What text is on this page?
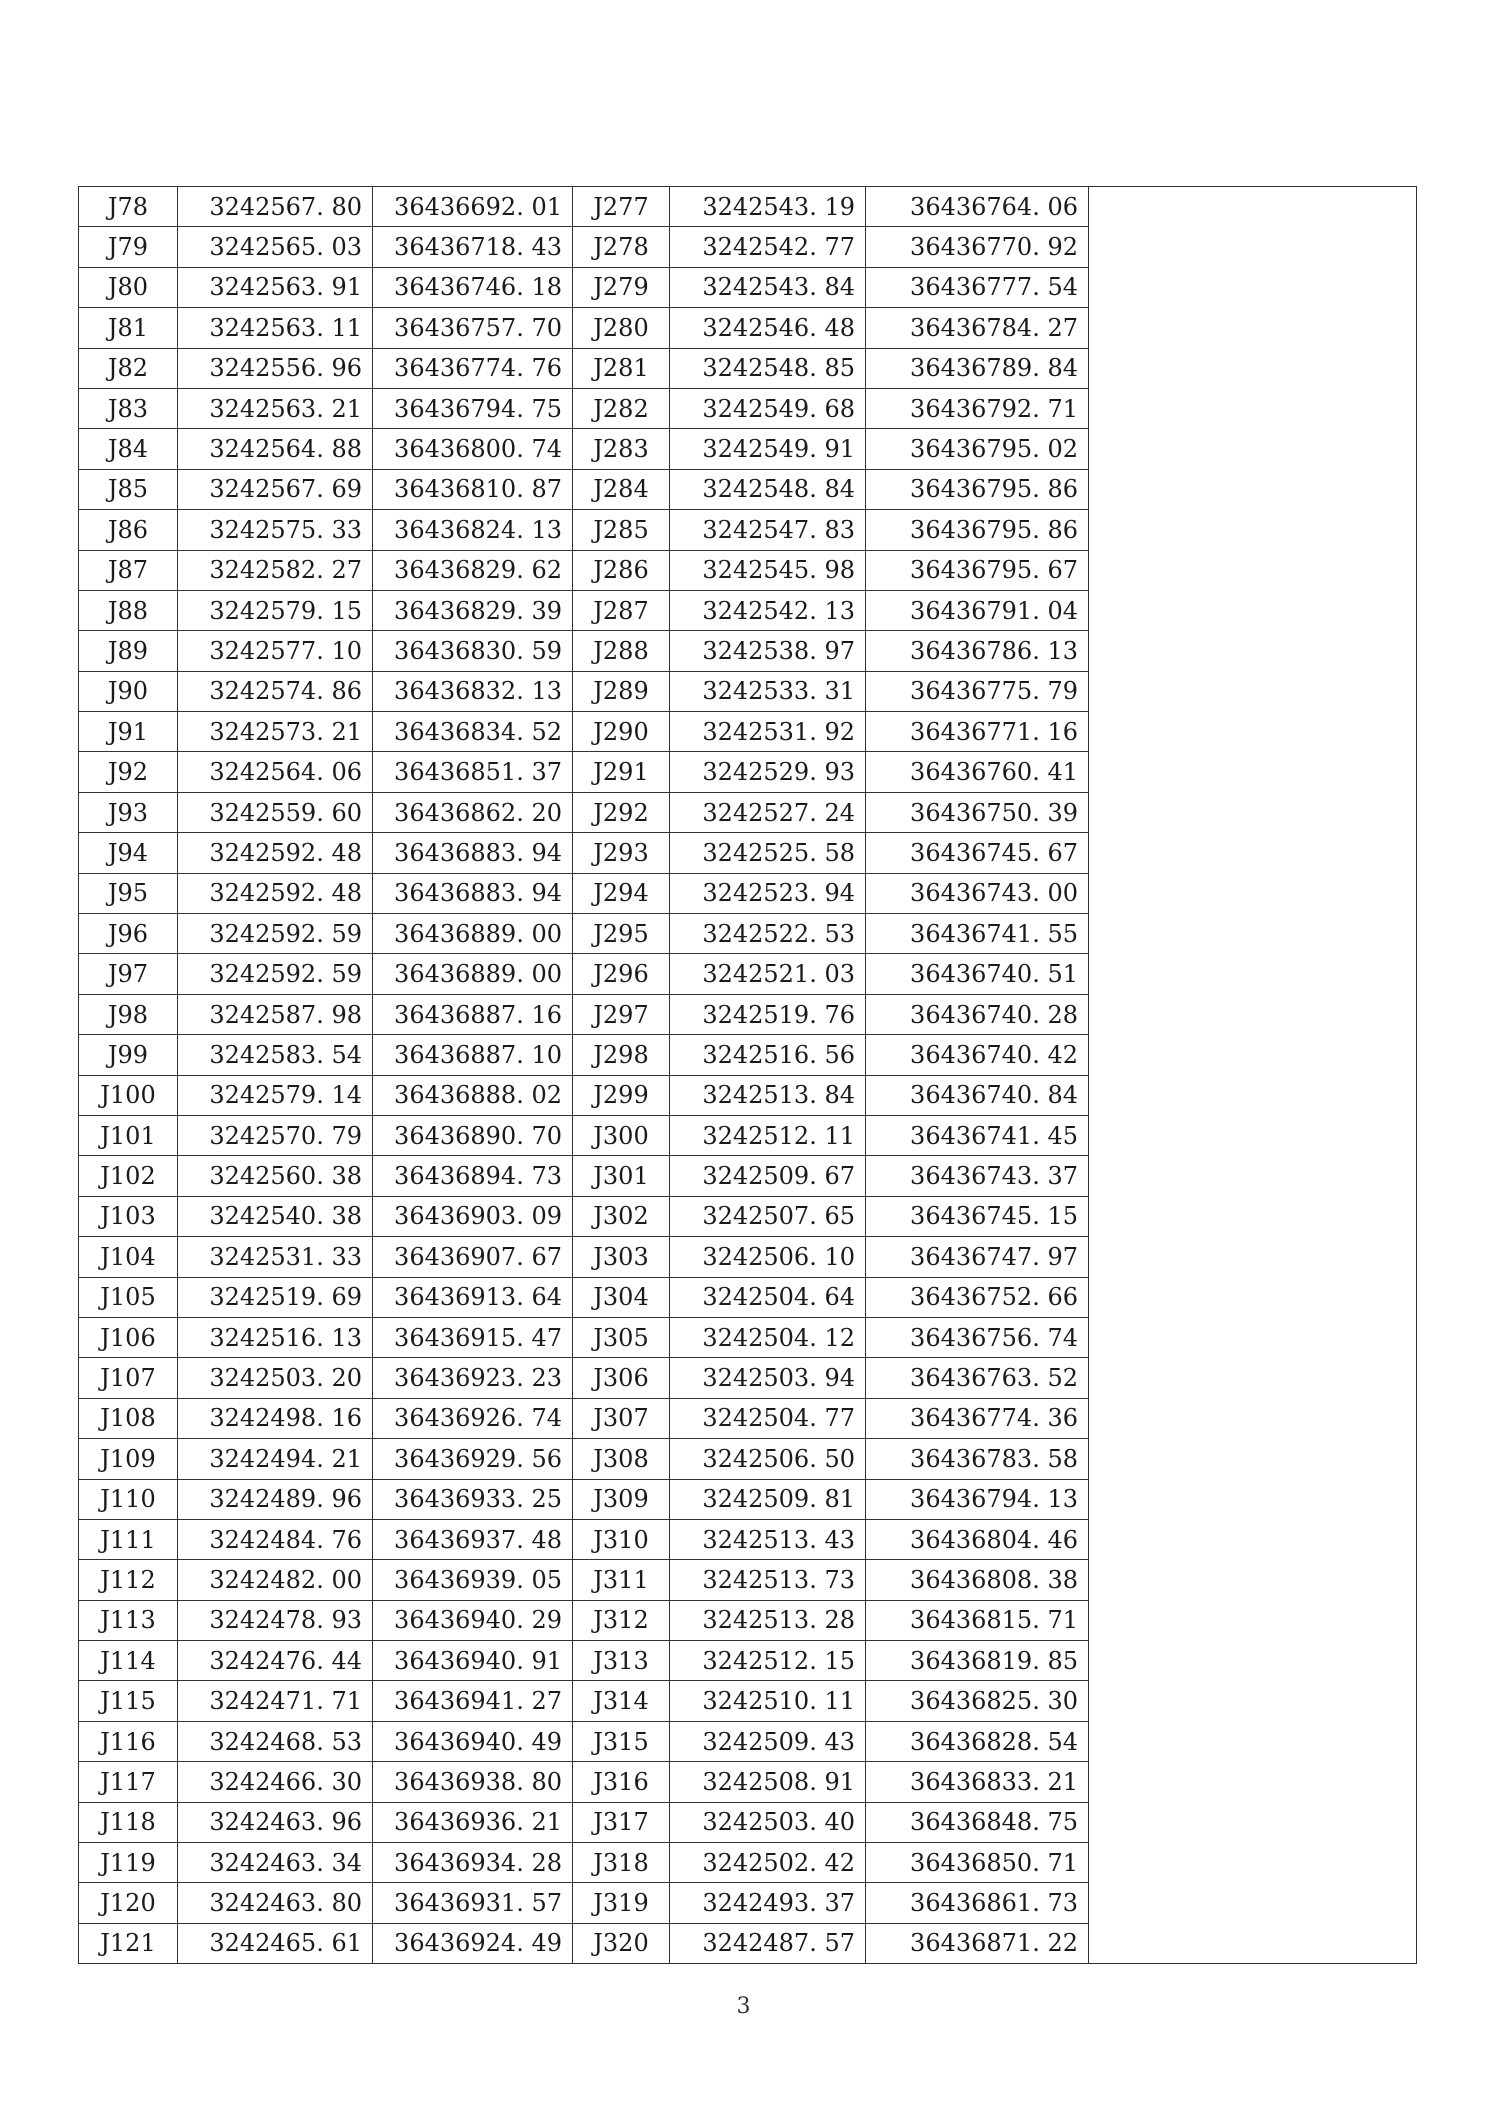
J78	3242567. 80	36436692. 01	J277	3242543. 19	36436764. 06	
J79	3242565. 03	36436718. 43	J278	3242542. 77	36436770. 92	
J80	3242563. 91	36436746. 18	J279	3242543. 84	36436777. 54	
J81	3242563. 11	36436757. 70	J280	3242546. 48	36436784. 27	
J82	3242556. 96	36436774. 76	J281	3242548. 85	36436789. 84	
J83	3242563. 21	36436794. 75	J282	3242549. 68	36436792. 71	
J84	3242564. 88	36436800. 74	J283	3242549. 91	36436795. 02	
J85	3242567. 69	36436810. 87	J284	3242548. 84	36436795. 86	
J86	3242575. 33	36436824. 13	J285	3242547. 83	36436795. 86	
J87	3242582. 27	36436829. 62	J286	3242545. 98	36436795. 67	
J88	3242579. 15	36436829. 39	J287	3242542. 13	36436791. 04	
J89	3242577. 10	36436830. 59	J288	3242538. 97	36436786. 13	
J90	3242574. 86	36436832. 13	J289	3242533. 31	36436775. 79	
J91	3242573. 21	36436834. 52	J290	3242531. 92	36436771. 16	
J92	3242564. 06	36436851. 37	J291	3242529. 93	36436760. 41	
J93	3242559. 60	36436862. 20	J292	3242527. 24	36436750. 39	
J94	3242592. 48	36436883. 94	J293	3242525. 58	36436745. 67	
J95	3242592. 48	36436883. 94	J294	3242523. 94	36436743. 00	
J96	3242592. 59	36436889. 00	J295	3242522. 53	36436741. 55	
J97	3242592. 59	36436889. 00	J296	3242521. 03	36436740. 51	
J98	3242587. 98	36436887. 16	J297	3242519. 76	36436740. 28	
J99	3242583. 54	36436887. 10	J298	3242516. 56	36436740. 42	
J100	3242579. 14	36436888. 02	J299	3242513. 84	36436740. 84	
J101	3242570. 79	36436890. 70	J300	3242512. 11	36436741. 45	
J102	3242560. 38	36436894. 73	J301	3242509. 67	36436743. 37	
J103	3242540. 38	36436903. 09	J302	3242507. 65	36436745. 15	
J104	3242531. 33	36436907. 67	J303	3242506. 10	36436747. 97	
J105	3242519. 69	36436913. 64	J304	3242504. 64	36436752. 66	
J106	3242516. 13	36436915. 47	J305	3242504. 12	36436756. 74	
J107	3242503. 20	36436923. 23	J306	3242503. 94	36436763. 52	
J108	3242498. 16	36436926. 74	J307	3242504. 77	36436774. 36	
J109	3242494. 21	36436929. 56	J308	3242506. 50	36436783. 58	
J110	3242489. 96	36436933. 25	J309	3242509. 81	36436794. 13	
J111	3242484. 76	36436937. 48	J310	3242513. 43	36436804. 46	
J112	3242482. 00	36436939. 05	J311	3242513. 73	36436808. 38	
J113	3242478. 93	36436940. 29	J312	3242513. 28	36436815. 71	
J114	3242476. 44	36436940. 91	J313	3242512. 15	36436819. 85	
J115	3242471. 71	36436941. 27	J314	3242510. 11	36436825. 30	
J116	3242468. 53	36436940. 49	J315	3242509. 43	36436828. 54	
J117	3242466. 30	36436938. 80	J316	3242508. 91	36436833. 21	
J118	3242463. 96	36436936. 21	J317	3242503. 40	36436848. 75	
J119	3242463. 34	36436934. 28	J318	3242502. 42	36436850. 71	
J120	3242463. 80	36436931. 57	J319	3242493. 37	36436861. 73	
J121	3242465. 61	36436924. 49	J320	3242487. 57	36436871. 22	
3
